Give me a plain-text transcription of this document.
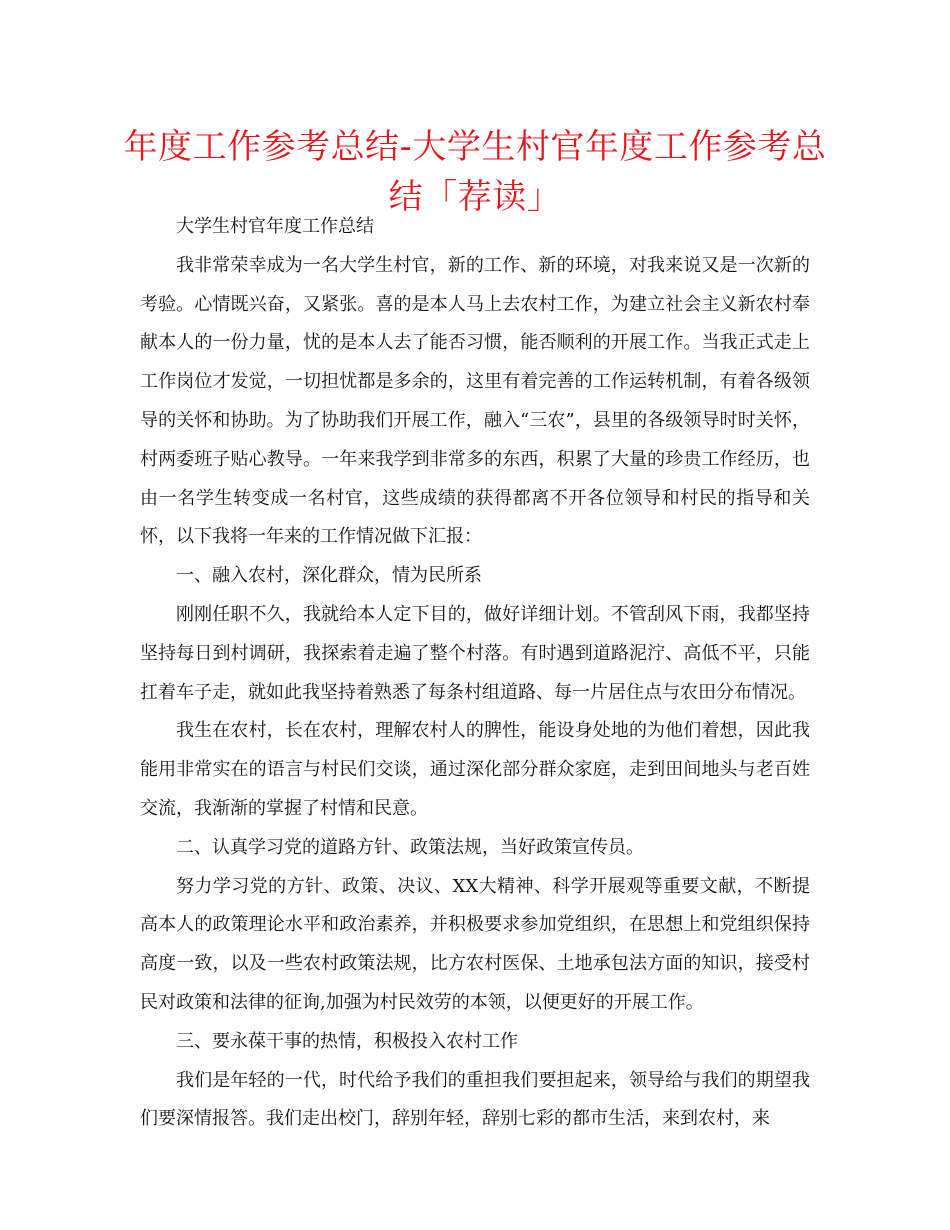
年度工作参考总结-大学生村官年度工作参考总结「荐读」

大学生村官年度工作总结

我非常荣幸成为一名大学生村官，新的工作、新的环境，对我来说又是一次新的考验。心情既兴奋，又紧张。喜的是本人马上去农村工作，为建立社会主义新农村奉献本人的一份力量，忧的是本人去了能否习惯，能否顺利的开展工作。当我正式走上工作岗位才发觉，一切担忧都是多余的，这里有着完善的工作运转机制，有着各级领导的关怀和协助。为了协助我们开展工作，融入“三农”，县里的各级领导时时关怀，村两委班子贴心教导。一年来我学到非常多的东西，积累了大量的珍贵工作经历，也由一名学生转变成一名村官，这些成绩的获得都离不开各位领导和村民的指导和关怀，以下我将一年来的工作情况做下汇报：

一、融入农村，深化群众，情为民所系

刚刚任职不久，我就给本人定下目的，做好详细计划。不管刮风下雨，我都坚持坚持每日到村调研，我探索着走遍了整个村落。有时遇到道路泥泞、高低不平，只能扛着车子走，就如此我坚持着熟悉了每条村组道路、每一片居住点与农田分布情况。

我生在农村，长在农村，理解农村人的脾性，能设身处地的为他们着想，因此我能用非常实在的语言与村民们交谈，通过深化部分群众家庭，走到田间地头与老百姓交流，我渐渐的掌握了村情和民意。

二、认真学习党的道路方针、政策法规，当好政策宣传员。

努力学习党的方针、政策、决议、XX大精神、科学开展观等重要文献，不断提高本人的政策理论水平和政治素养，并积极要求参加党组织，在思想上和党组织保持高度一致，以及一些农村政策法规，比方农村医保、土地承包法方面的知识，接受村民对政策和法律的征询,加强为村民效劳的本领，以便更好的开展工作。

三、要永葆干事的热情，积极投入农村工作

我们是年轻的一代，时代给予我们的重担我们要担起来，领导给与我们的期望我们要深情报答。我们走出校门，辞别年轻，辞别七彩的都市生活，来到农村，来
